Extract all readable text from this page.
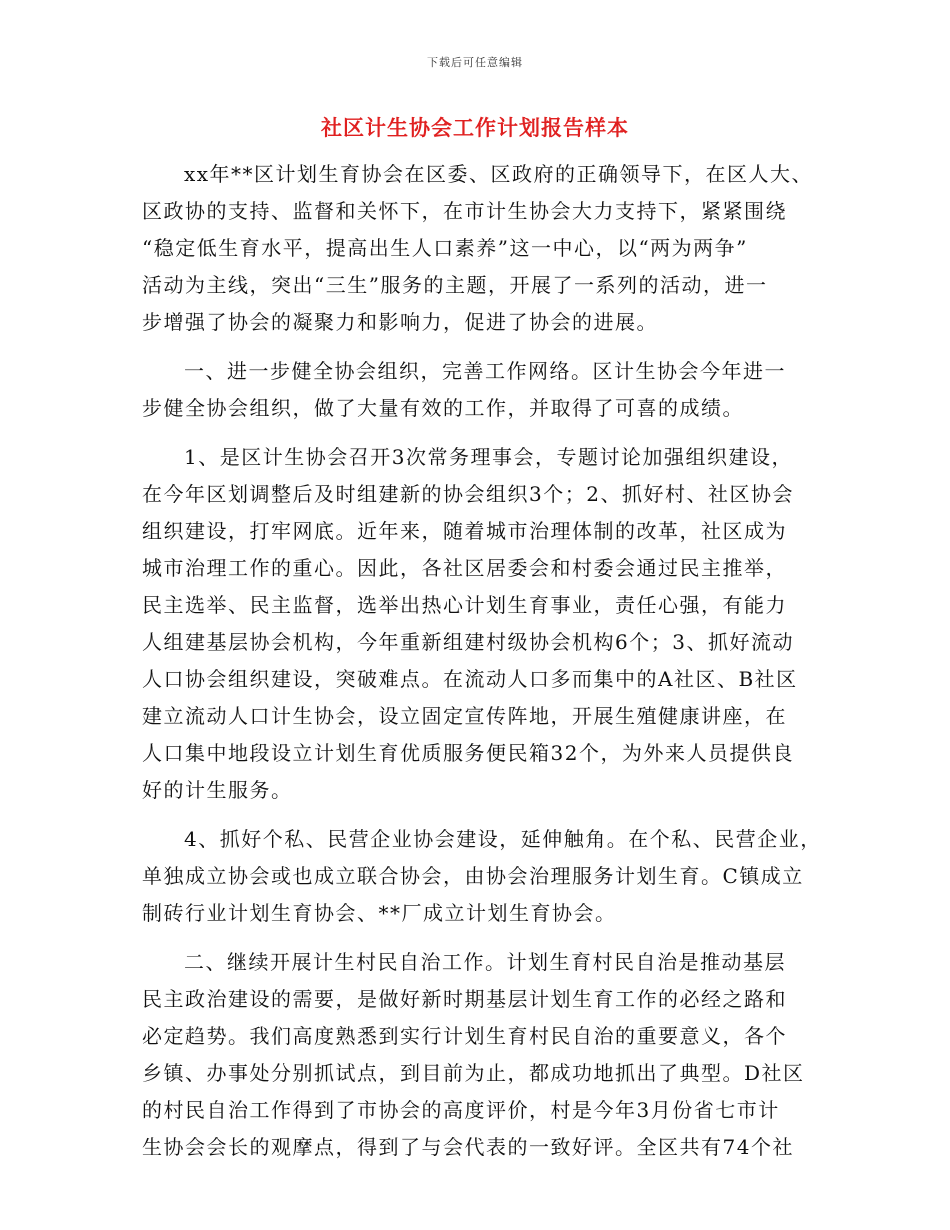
下载后可任意编辑
社区计生协会工作计划报告样本
xx年**区计划生育协会在区委、区政府的正确领导下，在区人大、
区政协的支持、监督和关怀下，在市计生协会大力支持下，紧紧围绕
“稳定低生育水平，提高出生人口素养”这一中心，以“两为两争”
活动为主线，突出“三生”服务的主题，开展了一系列的活动，进一
步增强了协会的凝聚力和影响力，促进了协会的进展。
一、进一步健全协会组织，完善工作网络。区计生协会今年进一
步健全协会组织，做了大量有效的工作，并取得了可喜的成绩。
1、是区计生协会召开3次常务理事会，专题讨论加强组织建设，
在今年区划调整后及时组建新的协会组织3个；2、抓好村、社区协会
组织建设，打牢网底。近年来，随着城市治理体制的改革，社区成为
城市治理工作的重心。因此，各社区居委会和村委会通过民主推举，
民主选举、民主监督，选举出热心计划生育事业，责任心强，有能力
人组建基层协会机构，今年重新组建村级协会机构6个；3、抓好流动
人口协会组织建设，突破难点。在流动人口多而集中的A社区、B社区
建立流动人口计生协会，设立固定宣传阵地，开展生殖健康讲座，在
人口集中地段设立计划生育优质服务便民箱32个，为外来人员提供良
好的计生服务。
4、抓好个私、民营企业协会建设，延伸触角。在个私、民营企业，
单独成立协会或也成立联合协会，由协会治理服务计划生育。C镇成立
制砖行业计划生育协会、**厂成立计划生育协会。
二、继续开展计生村民自治工作。计划生育村民自治是推动基层
民主政治建设的需要，是做好新时期基层计划生育工作的必经之路和
必定趋势。我们高度熟悉到实行计划生育村民自治的重要意义，各个
乡镇、办事处分别抓试点，到目前为止，都成功地抓出了典型。D社区
的村民自治工作得到了市协会的高度评价，村是今年3月份省七市计
生协会会长的观摩点，得到了与会代表的一致好评。全区共有74个社
